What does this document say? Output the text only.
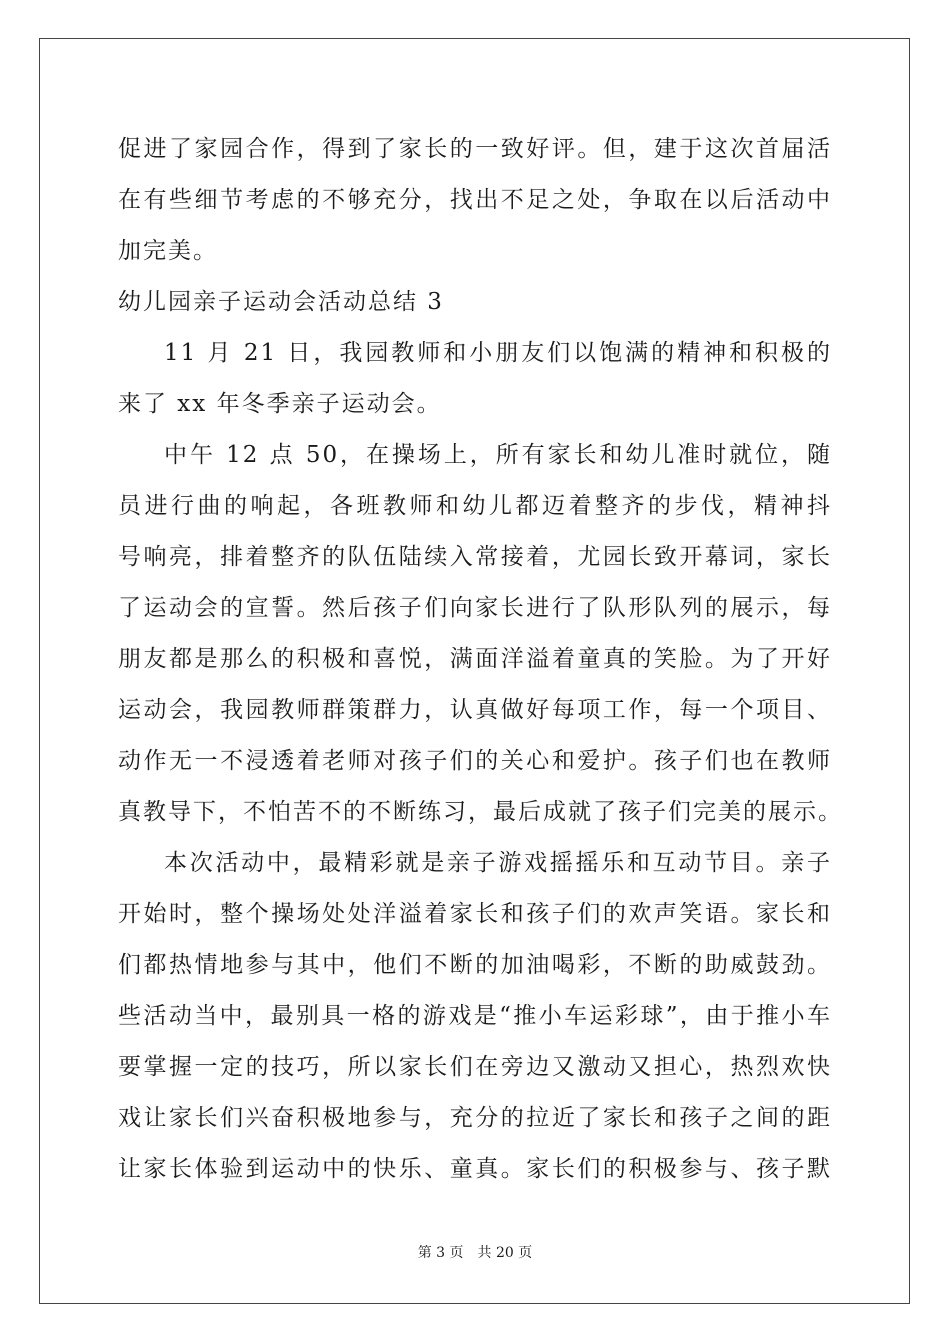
促进了家园合作，得到了家长的一致好评。但，建于这次首届活
在有些细节考虑的不够充分，找出不足之处，争取在以后活动中
加完美。
幼儿园亲子运动会活动总结 3
11 月 21 日，我园教师和小朋友们以饱满的精神和积极的
来了 xx 年冬季亲子运动会。
中午 12 点 50，在操场上，所有家长和幼儿准时就位，随
员进行曲的响起，各班教师和幼儿都迈着整齐的步伐，精神抖
号响亮，排着整齐的队伍陆续入常接着，尤园长致开幕词，家长
了运动会的宣誓。然后孩子们向家长进行了队形队列的展示，每
朋友都是那么的积极和喜悦，满面洋溢着童真的笑脸。为了开好
运动会，我园教师群策群力，认真做好每项工作，每一个项目、
动作无一不浸透着老师对孩子们的关心和爱护。孩子们也在教师
真教导下，不怕苦不的不断练习，最后成就了孩子们完美的展示。
本次活动中，最精彩就是亲子游戏摇摇乐和互动节目。亲子
开始时，整个操场处处洋溢着家长和孩子们的欢声笑语。家长和
们都热情地参与其中，他们不断的加油喝彩，不断的助威鼓劲。
些活动当中，最别具一格的游戏是“推小车运彩球”，由于推小车
要掌握一定的技巧，所以家长们在旁边又激动又担心，热烈欢快
戏让家长们兴奋积极地参与，充分的拉近了家长和孩子之间的距
让家长体验到运动中的快乐、童真。家长们的积极参与、孩子默
第 3 页 共 20 页
